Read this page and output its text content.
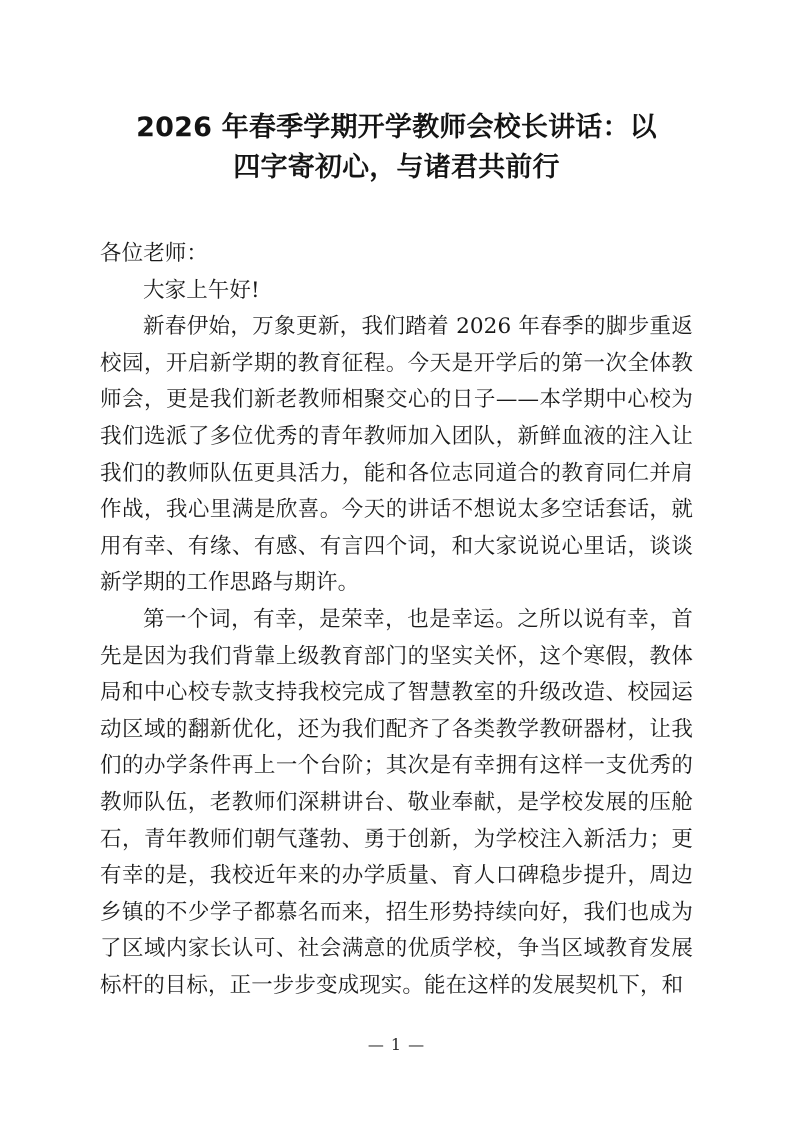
2026 年春季学期开学教师会校长讲话：以
四字寄初心，与诸君共前行

各位老师：

大家上午好!

新春伊始，万象更新，我们踏着 2026 年春季的脚步重返校园，开启新学期的教育征程。今天是开学后的第一次全体教师会，更是我们新老教师相聚交心的日子——本学期中心校为我们选派了多位优秀的青年教师加入团队，新鲜血液的注入让我们的教师队伍更具活力，能和各位志同道合的教育同仁并肩作战，我心里满是欣喜。今天的讲话不想说太多空话套话，就用有幸、有缘、有感、有言四个词，和大家说说心里话，谈谈新学期的工作思路与期许。

第一个词，有幸，是荣幸，也是幸运。之所以说有幸，首先是因为我们背靠上级教育部门的坚实关怀，这个寒假，教体局和中心校专款支持我校完成了智慧教室的升级改造、校园运动区域的翻新优化，还为我们配齐了各类教学教研器材，让我们的办学条件再上一个台阶；其次是有幸拥有这样一支优秀的教师队伍，老教师们深耕讲台、敬业奉献，是学校发展的压舱石，青年教师们朝气蓬勃、勇于创新，为学校注入新活力；更有幸的是，我校近年来的办学质量、育人口碑稳步提升，周边乡镇的不少学子都慕名而来，招生形势持续向好，我们也成为了区域内家长认可、社会满意的优质学校，争当区域教育发展标杆的目标，正一步步变成现实。能在这样的发展契机下，和

— 1 —
